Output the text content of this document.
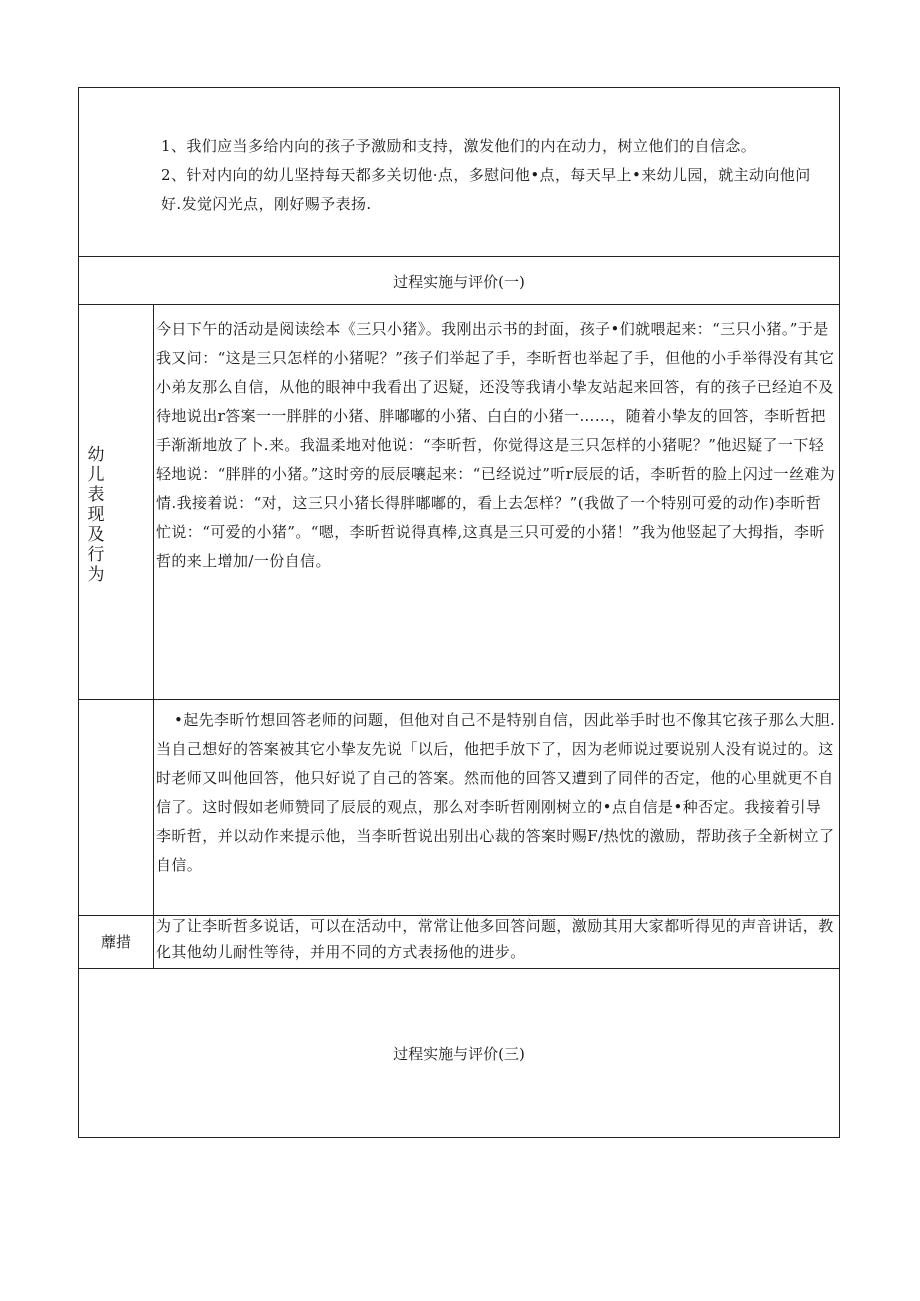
1、我们应当多给内向的孩子予激励和支持，激发他们的内在动力，树立他们的自信念。
2、针对内向的幼儿坚持每天都多关切他·点，多慰问他•点，每天早上•来幼儿园，就主动向他问好.发觉闪光点，刚好赐予表扬.
过程实施与评价(一)
幼
儿
表
现
及
行
为
今日下午的活动是阅读绘本《三只小猪》。我刚出示书的封面，孩子•们就喂起来：“三只小猪。”于是我又问：“这是三只怎样的小猪呢？”孩子们举起了手，李昕哲也举起了手，但他的小手举得没有其它小弟友那么自信，从他的眼神中我看出了迟疑，还没等我请小挚友站起来回答，有的孩子已经迫不及待地说出r答案一一胖胖的小猪、胖嘟嘟的小猪、白白的小猪一……，随着小挚友的回答，李昕哲把手渐渐地放了卜.来。我温柔地对他说：“李昕哲，你觉得这是三只怎样的小猪呢？”他迟疑了一下轻轻地说：“胖胖的小猪。”这时旁的辰辰嚷起来：“已经说过”听r辰辰的话，李昕哲的脸上闪过一丝难为情.我接着说：“对，这三只小猪长得胖嘟嘟的，看上去怎样？”(我做了一个特别可爱的动作)李昕哲忙说：“可爱的小猪”。“嗯，李昕哲说得真棒,这真是三只可爱的小猪！”我为他竖起了大拇指，李昕哲的来上增加/一份自信。
•起先李昕竹想回答老师的问题，但他对自己不是特别自信，因此举手时也不像其它孩子那么大胆.当自己想好的答案被其它小挚友先说「以后，他把手放下了，因为老师说过要说别人没有说过的。这时老师又叫他回答，他只好说了自己的答案。然而他的回答又遭到了同伴的否定，他的心里就更不自信了。这时假如老师赞同了辰辰的观点，那么对李昕哲刚刚树立的•点自信是•种否定。我接着引导李昕哲，并以动作来提示他，当李昕哲说出别出心裁的答案时赐F/热忱的激励，帮助孩子全新树立了自信。
蘼措
为了让李昕哲多说话，可以在活动中，常常让他多回答问题，激励其用大家都听得见的声音讲话，教化其他幼儿耐性等待，并用不同的方式表扬他的进步。
过程实施与评价(三)
